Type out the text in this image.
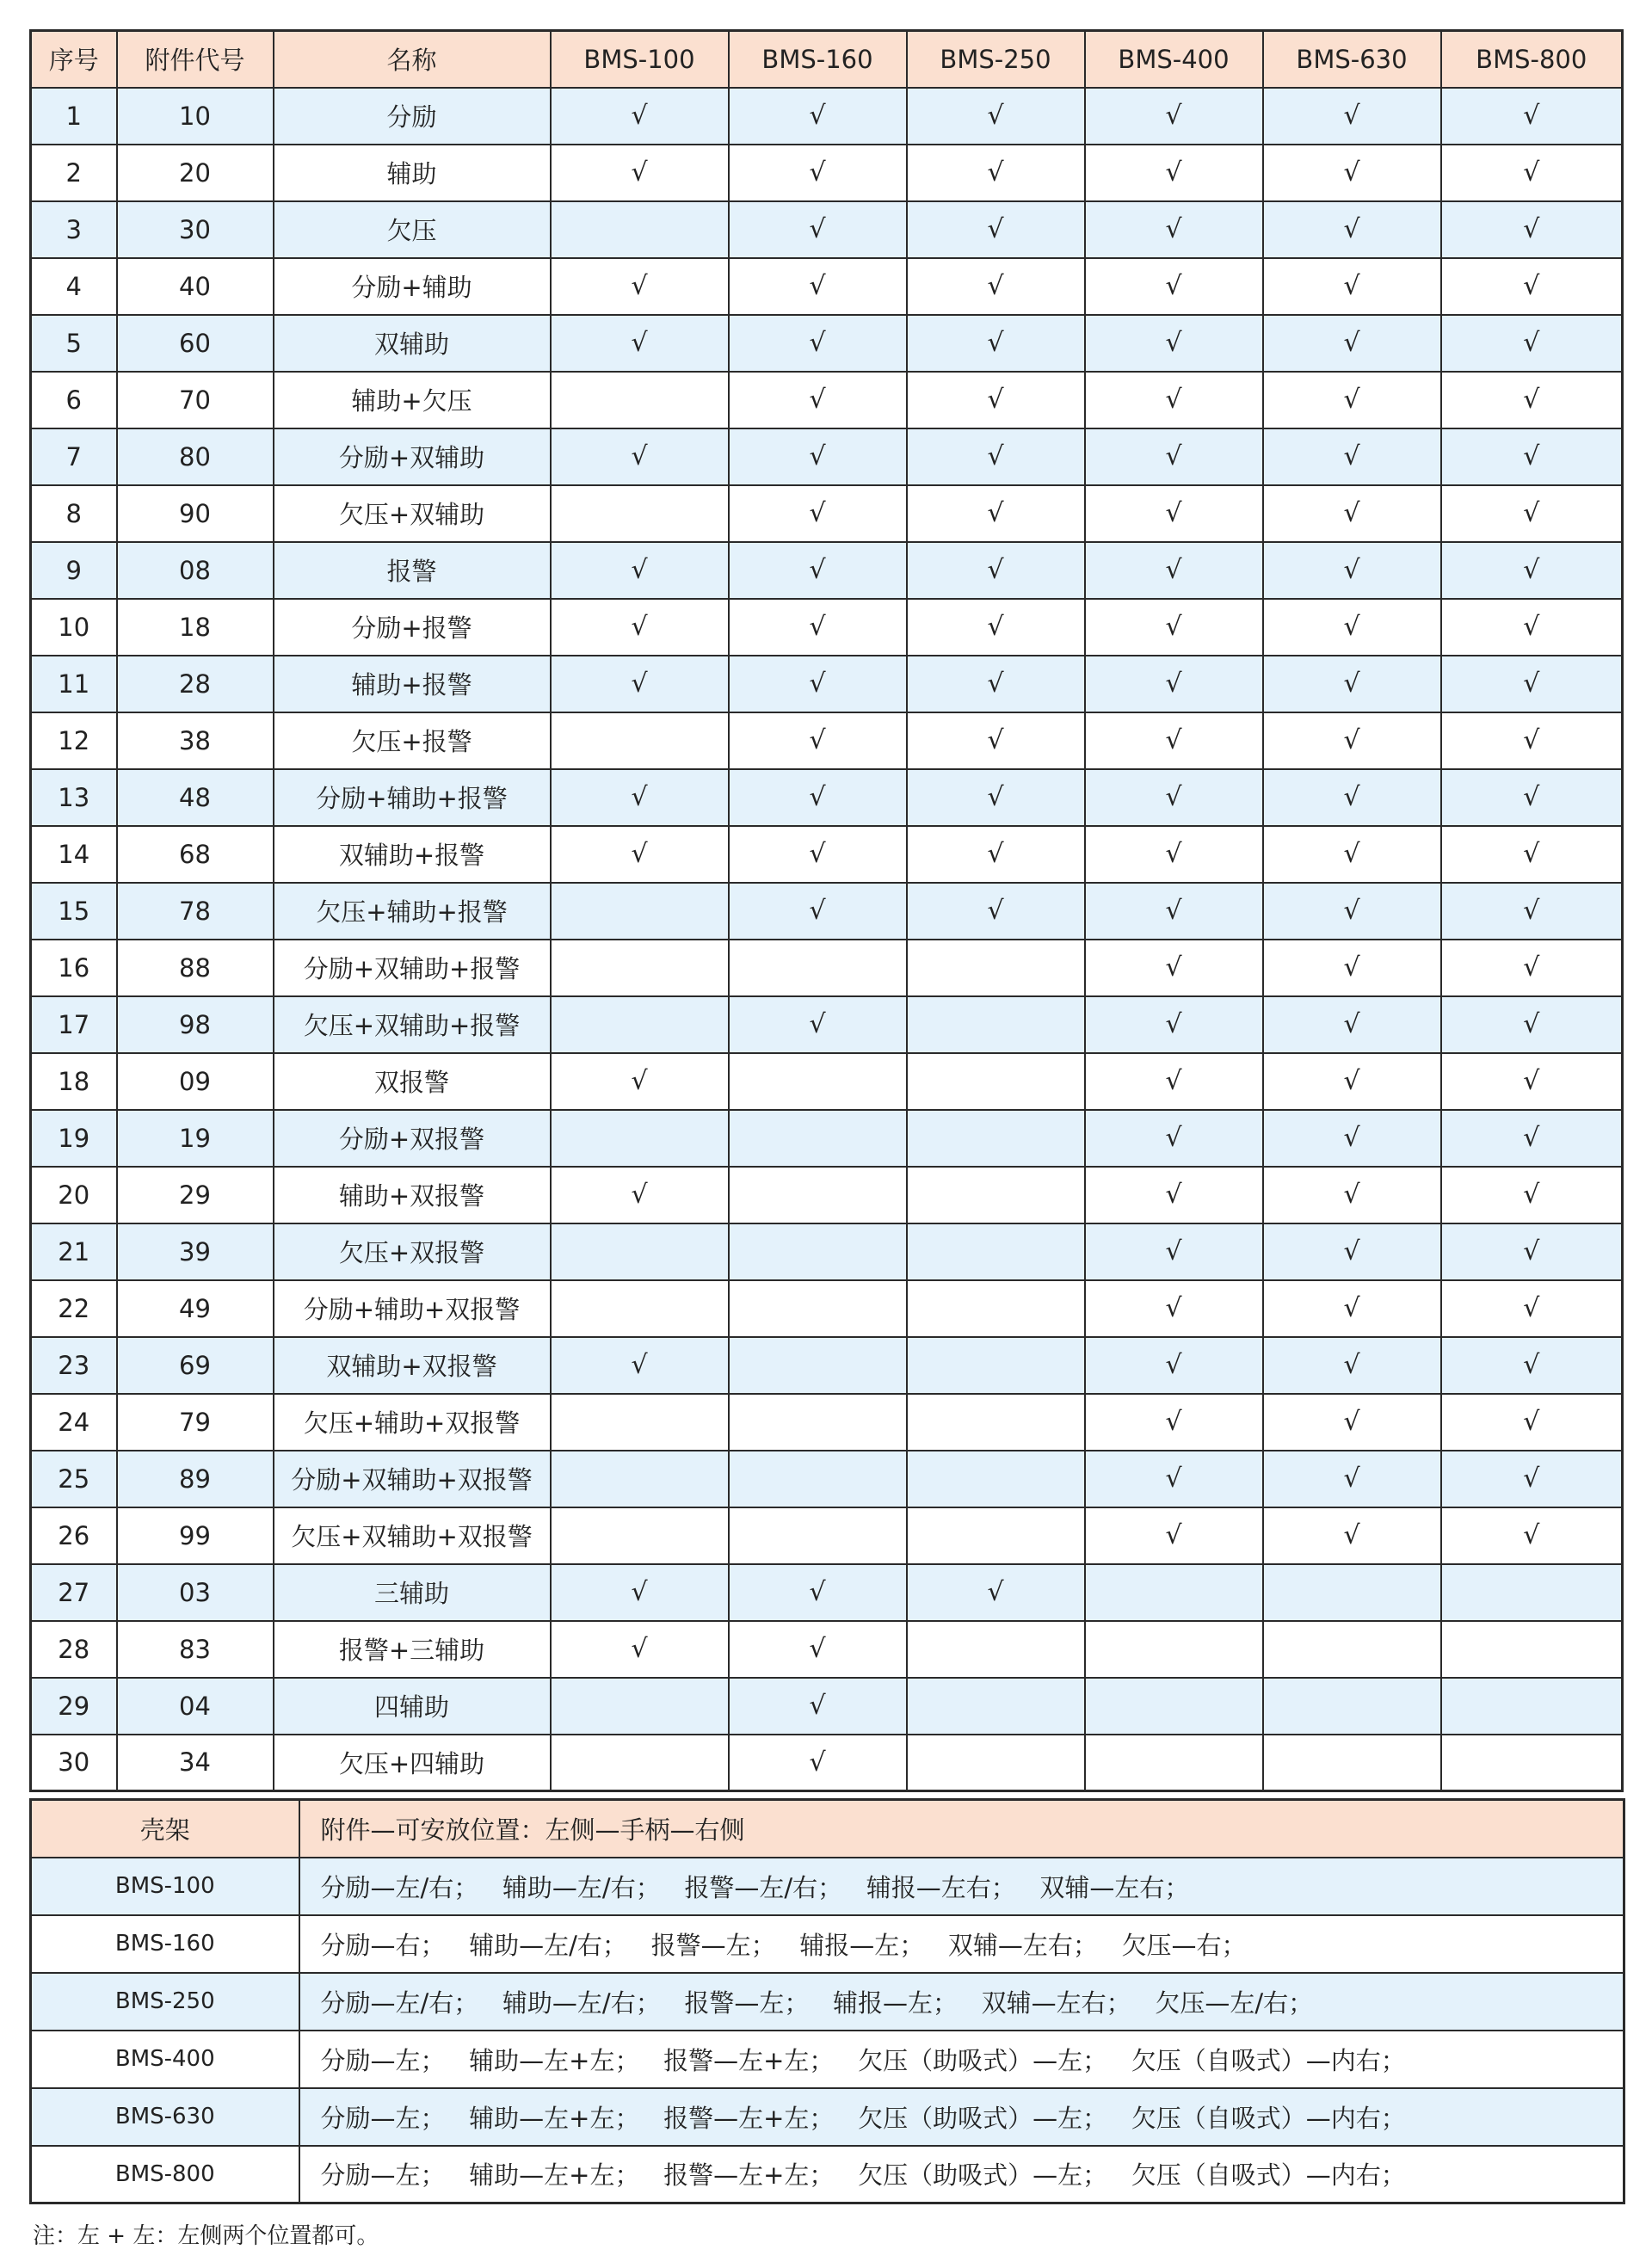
序号	附件代号	名称	BMS-100	BMS-160	BMS-250	BMS-400	BMS-630	BMS-800
1	10	分励	√	√	√	√	√	√
2	20	辅助	√	√	√	√	√	√
3	30	欠压		√	√	√	√	√
4	40	分励+辅助	√	√	√	√	√	√
5	60	双辅助	√	√	√	√	√	√
6	70	辅助+欠压		√	√	√	√	√
7	80	分励+双辅助	√	√	√	√	√	√
8	90	欠压+双辅助		√	√	√	√	√
9	08	报警	√	√	√	√	√	√
10	18	分励+报警	√	√	√	√	√	√
11	28	辅助+报警	√	√	√	√	√	√
12	38	欠压+报警		√	√	√	√	√
13	48	分励+辅助+报警	√	√	√	√	√	√
14	68	双辅助+报警	√	√	√	√	√	√
15	78	欠压+辅助+报警		√	√	√	√	√
16	88	分励+双辅助+报警				√	√	√
17	98	欠压+双辅助+报警		√		√	√	√
18	09	双报警	√			√	√	√
19	19	分励+双报警				√	√	√
20	29	辅助+双报警	√			√	√	√
21	39	欠压+双报警				√	√	√
22	49	分励+辅助+双报警				√	√	√
23	69	双辅助+双报警	√			√	√	√
24	79	欠压+辅助+双报警				√	√	√
25	89	分励+双辅助+双报警				√	√	√
26	99	欠压+双辅助+双报警				√	√	√
27	03	三辅助	√	√	√			
28	83	报警+三辅助	√	√				
29	04	四辅助		√				
30	34	欠压+四辅助		√				
壳架	附件—可安放位置：左侧—手柄—右侧
BMS-100	分励—左/右；   辅助—左/右；   报警—左/右；   辅报—左右；   双辅—左右；
BMS-160	分励—右；   辅助—左/右；   报警—左；   辅报—左；   双辅—左右；   欠压—右；
BMS-250	分励—左/右；   辅助—左/右；   报警—左；   辅报—左；   双辅—左右；   欠压—左/右；
BMS-400	分励—左；   辅助—左+左；   报警—左+左；   欠压（助吸式）—左；   欠压（自吸式）—内右；
BMS-630	分励—左；   辅助—左+左；   报警—左+左；   欠压（助吸式）—左；   欠压（自吸式）—内右；
BMS-800	分励—左；   辅助—左+左；   报警—左+左；   欠压（助吸式）—左；   欠压（自吸式）—内右；
注：左 + 左：左侧两个位置都可。
